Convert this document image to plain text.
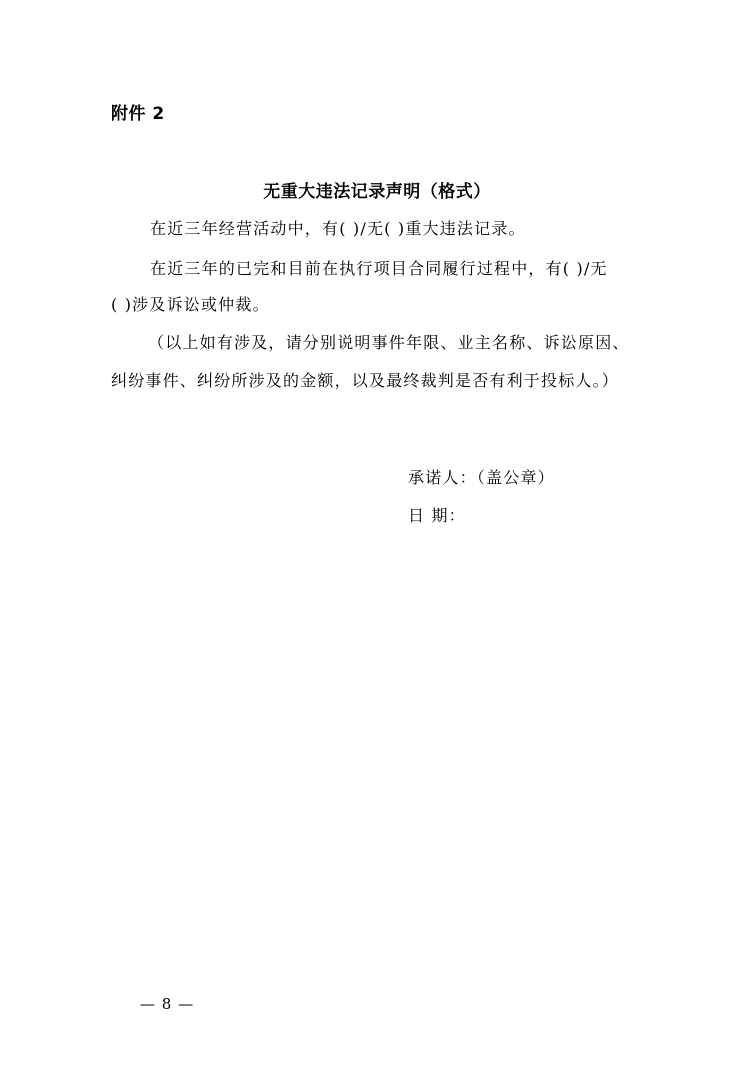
附件 2
无重大违法记录声明（格式）
在近三年经营活动中，有( )/无( )重大违法记录。
在近三年的已完和目前在执行项目合同履行过程中，有( )/无
( )涉及诉讼或仲裁。
（以上如有涉及，请分别说明事件年限、业主名称、诉讼原因、
纠纷事件、纠纷所涉及的金额，以及最终裁判是否有利于投标人。）
承诺人：（盖公章）
日 期：
— 8 —
